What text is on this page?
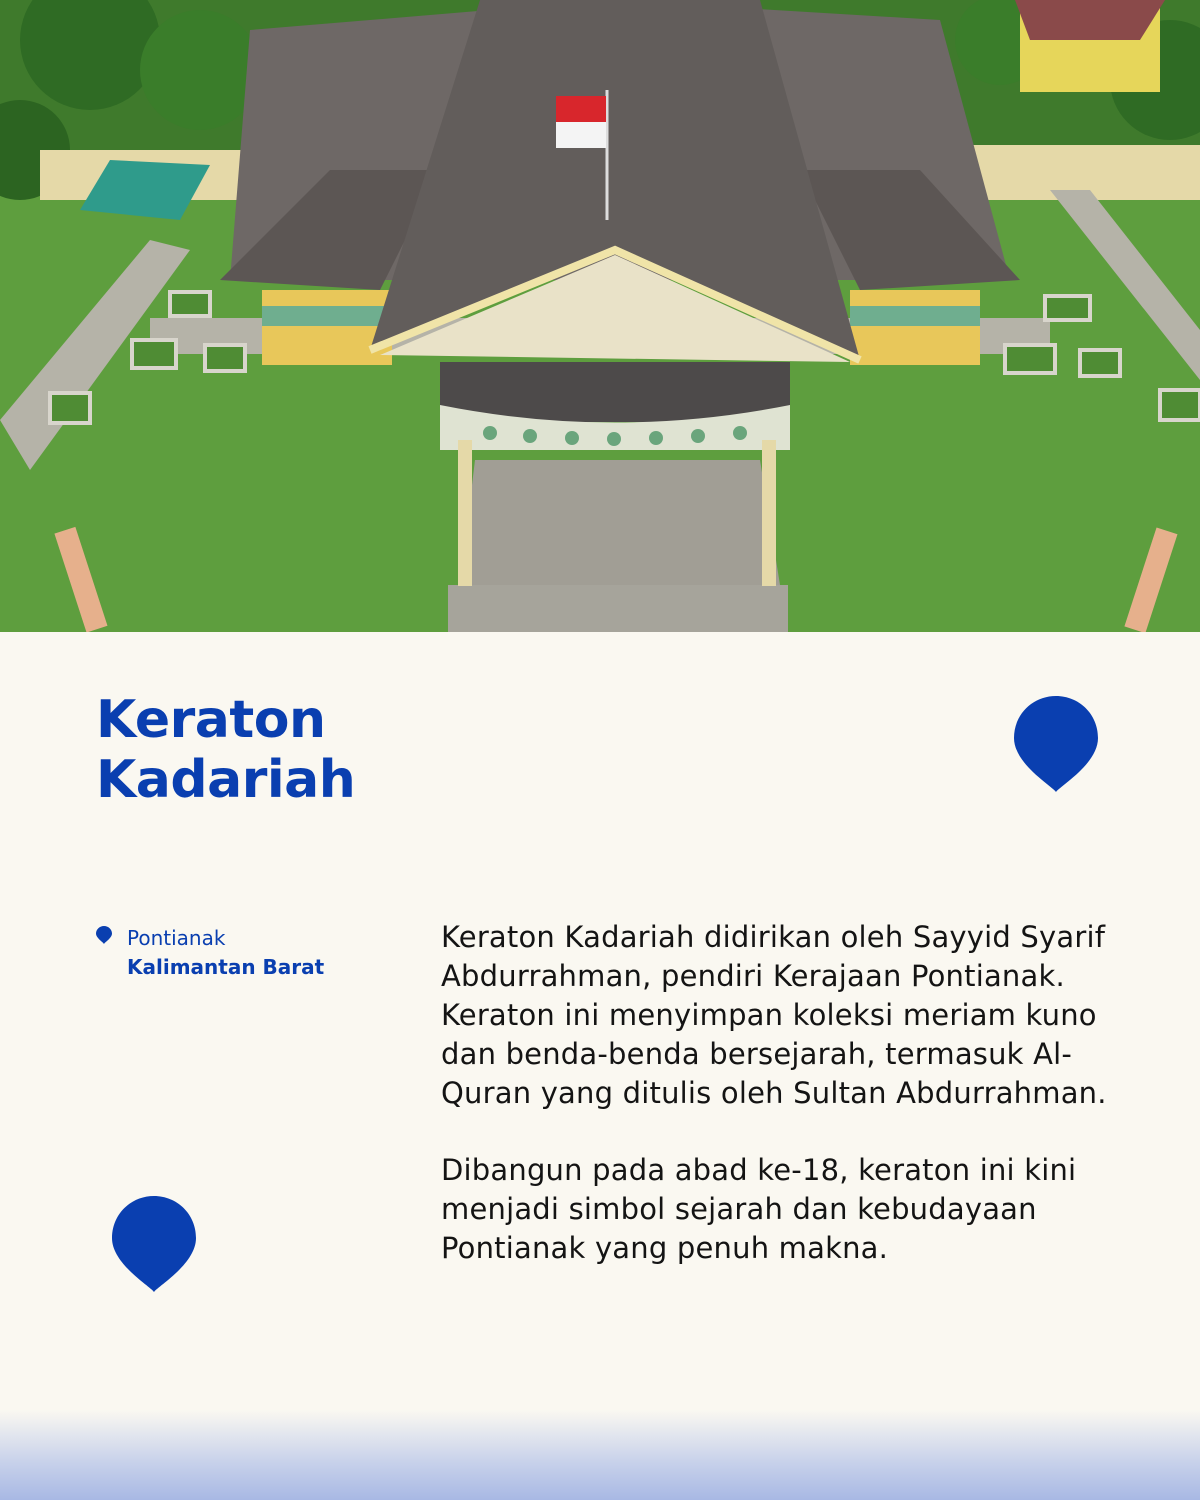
Keraton
Kadariah
Pontianak
Kalimantan Barat

Keraton Kadariah didirikan oleh Sayyid Syarif Abdurrahman, pendiri Kerajaan Pontianak. Keraton ini menyimpan koleksi meriam kuno dan benda-benda bersejarah, termasuk Al-Quran yang ditulis oleh Sultan Abdurrahman.

Dibangun pada abad ke-18, keraton ini kini menjadi simbol sejarah dan kebudayaan Pontianak yang penuh makna.
